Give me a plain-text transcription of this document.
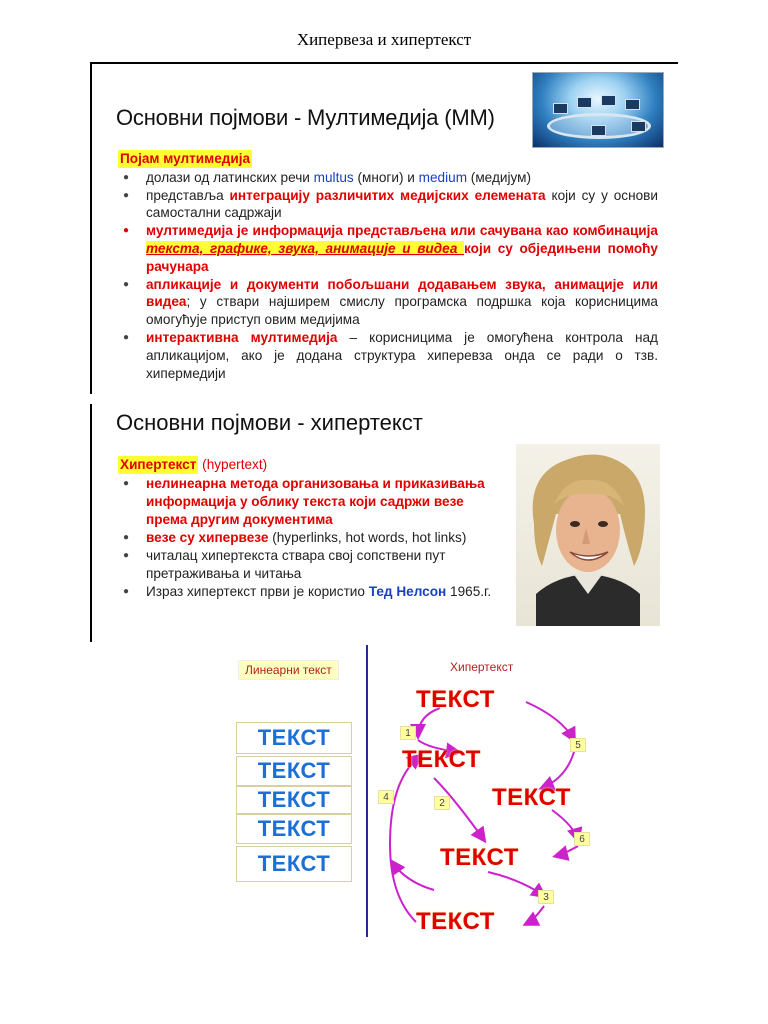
Хипервеза и хипертекст
Основни појмови - Мултимедија (ММ)
Појам мултимедија
● долази од латинских речи multus (многи) и medium (медијум)
● представља интеграцију различитих медијских елемената који су у основи самостални садржаји
● мултимедија је информација представљена или сачувана као комбинација текста, графике, звука, анимације и видеа који су обједињени помоћу рачунара
● апликације и документи побољшани додавањем звука, анимације или видеа; у ствари најширем смислу програмска подршка која корисницима омогућује приступ овим медијима
● интерактивна мултимедија – корисницима је омогућена контрола над апликацијом, ако је додана структура хиперевза онда се ради о тзв. хипермедији
Основни појмови - хипертекст
Хипертекст (hypertext)
● нелинеарна метода организовања и приказивања информација у облику текста који садржи везе према другим документима
● везе су хипервезе (hyperlinks, hot words, hot links)
● читалац хипертекста ствара свој сопствени пут претраживања и читања
● Израз хипертекст први је користио Тед Нелсон 1965.г.
Линеарни текст	Хипертекст
ТЕКСТ
ТЕКСТ
ТЕКСТ
ТЕКСТ
ТЕКСТ
ТЕКСТ
ТЕКСТ
ТЕКСТ
ТЕКСТ
ТЕКСТ
1
2
3
4
5
6
